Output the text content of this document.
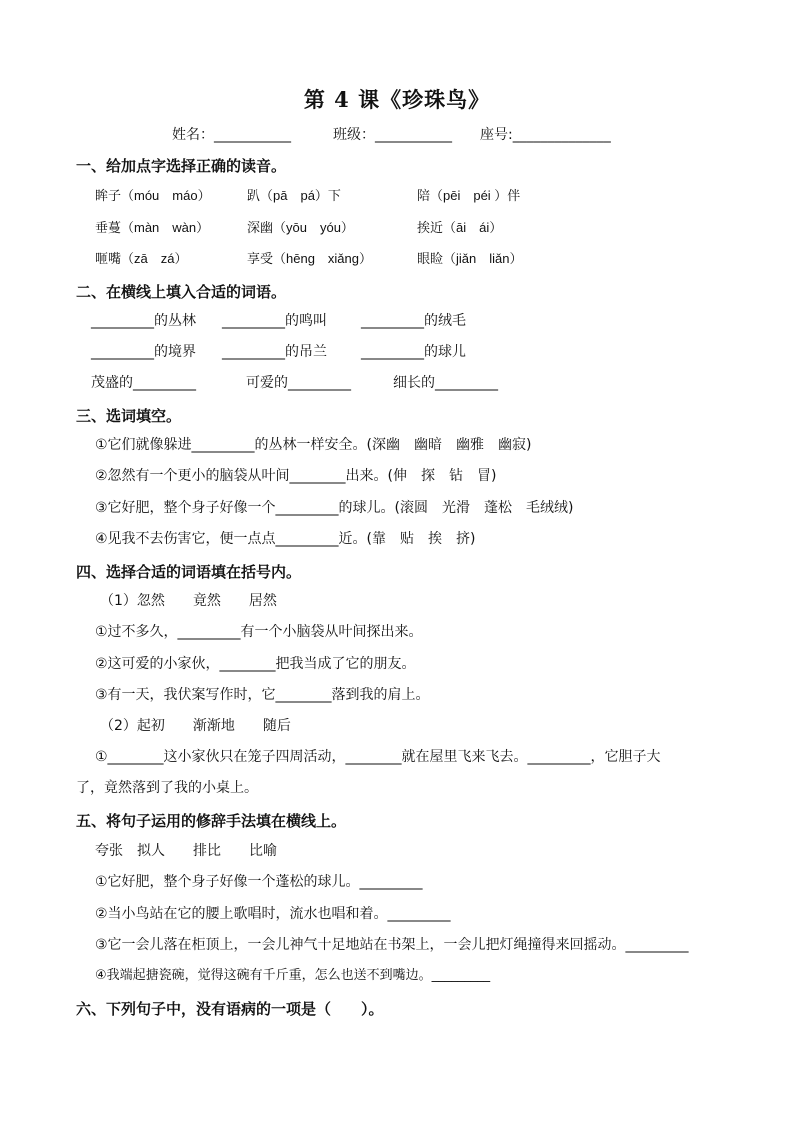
第 4 课《珍珠鸟》
姓名：___________	班级：___________ 座号:______________
一、给加点字选择正确的读音。
眸子（móu　máo）	趴（pā　pá）下	陪（pēi　péi ）伴
垂蔓（màn　wàn）	深幽（yōu　yóu）	挨近（āi　ái）
咂嘴（zā　zá）	享受（hēng　xiǎng）	眼睑（jiǎn　liǎn）
二、在横线上填入合适的词语。
_________的丛林 _________的鸣叫 _________的绒毛
_________的境界 _________的吊兰 _________的球儿
茂盛的_________	可爱的_________	细长的_________
三、选词填空。
①它们就像躲进_________的丛林一样安全。(深幽　幽暗　幽雅　幽寂)
②忽然有一个更小的脑袋从叶间________出来。(伸　探　钻　冒)
③它好肥，整个身子好像一个_________的球儿。(滚圆　光滑　蓬松　毛绒绒)
④见我不去伤害它，便一点点_________近。(靠　贴　挨　挤)
四、选择合适的词语填在括号内。
（1）忽然　　竟然　　居然
①过不多久，_________有一个小脑袋从叶间探出来。
②这可爱的小家伙，________把我当成了它的朋友。
③有一天，我伏案写作时，它________落到我的肩上。
（2）起初　　渐渐地　　随后
①________这小家伙只在笼子四周活动，________就在屋里飞来飞去。_________，它胆子大
了，竟然落到了我的小桌上。
五、将句子运用的修辞手法填在横线上。
夸张　拟人　　排比　　比喻
①它好肥，整个身子好像一个蓬松的球儿。_________
②当小鸟站在它的腰上歌唱时，流水也唱和着。_________
③它一会儿落在柜顶上，一会儿神气十足地站在书架上，一会儿把灯绳撞得来回摇动。_________
④我端起搪瓷碗，觉得这碗有千斤重，怎么也送不到嘴边。_________
六、下列句子中，没有语病的一项是（　　）。
